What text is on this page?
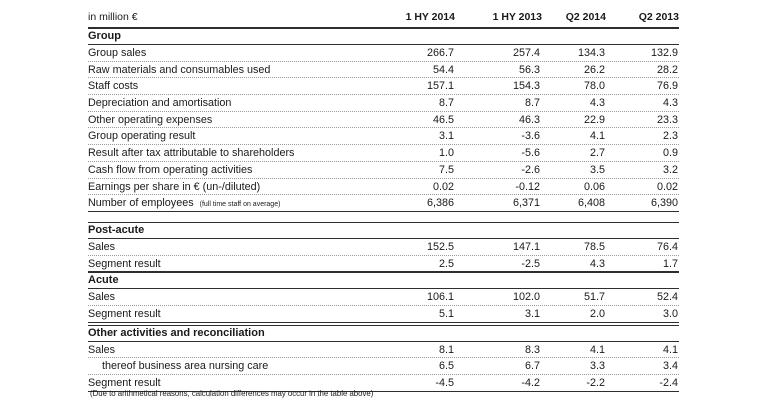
in million €	1 HY 2014	1 HY 2013	Q2 2014	Q2 2013
Group
Group sales	266.7	257.4	134.3	132.9
Raw materials and consumables used	54.4	56.3	26.2	28.2
Staff costs	157.1	154.3	78.0	76.9
Depreciation and amortisation	8.7	8.7	4.3	4.3
Other operating expenses	46.5	46.3	22.9	23.3
Group operating result	3.1	-3.6	4.1	2.3
Result after tax attributable to shareholders	1.0	-5.6	2.7	0.9
Cash flow from operating activities	7.5	-2.6	3.5	3.2
Earnings per share in € (un-/diluted)	0.02	-0.12	0.06	0.02
Number of employees (full time staff on average)	6,386	6,371	6,408	6,390
Post-acute
Sales	152.5	147.1	78.5	76.4
Segment result	2.5	-2.5	4.3	1.7
Acute
Sales	106.1	102.0	51.7	52.4
Segment result	5.1	3.1	2.0	3.0
Other activities and reconciliation
Sales	8.1	8.3	4.1	4.1
thereof business area nursing care	6.5	6.7	3.3	3.4
Segment result	-4.5	-4.2	-2.2	-2.4
(Due to arithmetical reasons, calculation differences may occur in the table above)
